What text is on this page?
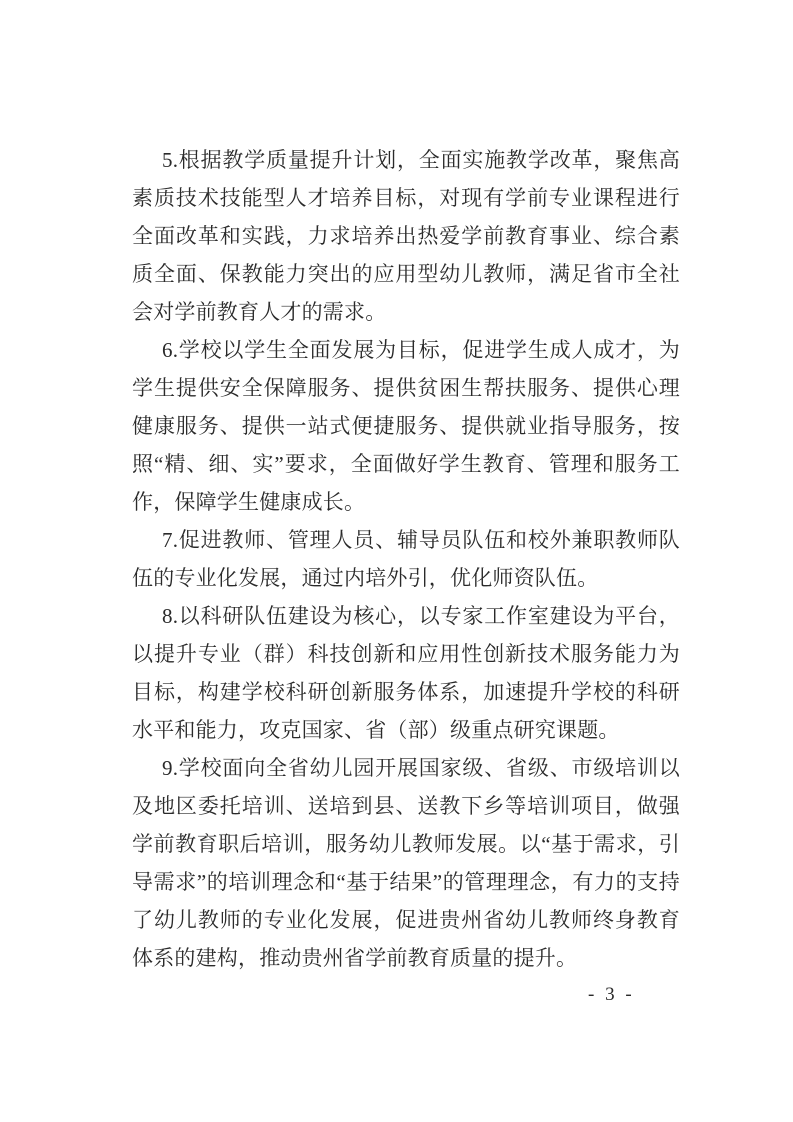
5.根据教学质量提升计划，全面实施教学改革，聚焦高素质技术技能型人才培养目标，对现有学前专业课程进行全面改革和实践，力求培养出热爱学前教育事业、综合素质全面、保教能力突出的应用型幼儿教师，满足省市全社会对学前教育人才的需求。

6.学校以学生全面发展为目标，促进学生成人成才，为学生提供安全保障服务、提供贫困生帮扶服务、提供心理健康服务、提供一站式便捷服务、提供就业指导服务，按照“精、细、实”要求，全面做好学生教育、管理和服务工作，保障学生健康成长。

7.促进教师、管理人员、辅导员队伍和校外兼职教师队伍的专业化发展，通过内培外引，优化师资队伍。

8.以科研队伍建设为核心，以专家工作室建设为平台，以提升专业（群）科技创新和应用性创新技术服务能力为目标，构建学校科研创新服务体系，加速提升学校的科研水平和能力，攻克国家、省（部）级重点研究课题。

9.学校面向全省幼儿园开展国家级、省级、市级培训以及地区委托培训、送培到县、送教下乡等培训项目，做强学前教育职后培训，服务幼儿教师发展。以“基于需求，引导需求”的培训理念和“基于结果”的管理理念，有力的支持了幼儿教师的专业化发展，促进贵州省幼儿教师终身教育体系的建构，推动贵州省学前教育质量的提升。

- 3 -
